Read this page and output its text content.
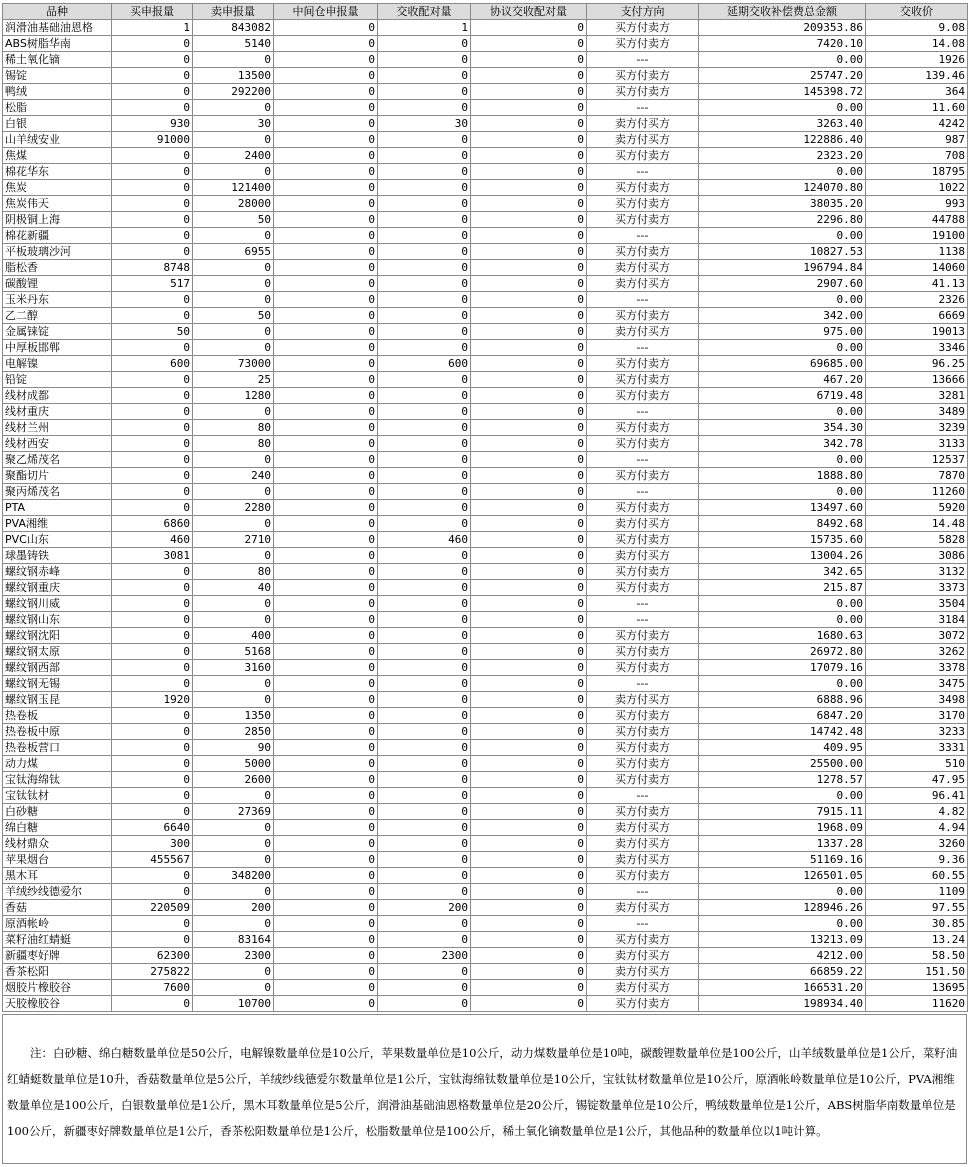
品种	买申报量	卖申报量	中间仓申报量	交收配对量	协议交收配对量	支付方向	延期交收补偿费总金额	交收价
润滑油基础油恩格	1	843082	0	1	0	买方付卖方	209353.86	9.08
ABS树脂华南	0	5140	0	0	0	买方付卖方	7420.10	14.08
稀土氧化镝	0	0	0	0	0	---	0.00	1926
锡锭	0	13500	0	0	0	买方付卖方	25747.20	139.46
鸭绒	0	292200	0	0	0	买方付卖方	145398.72	364
松脂	0	0	0	0	0	---	0.00	11.60
白银	930	30	0	30	0	卖方付买方	3263.40	4242
山羊绒安业	91000	0	0	0	0	卖方付买方	122886.40	987
焦煤	0	2400	0	0	0	买方付卖方	2323.20	708
棉花华东	0	0	0	0	0	---	0.00	18795
焦炭	0	121400	0	0	0	买方付卖方	124070.80	1022
焦炭伟天	0	28000	0	0	0	买方付卖方	38035.20	993
阴极铜上海	0	50	0	0	0	买方付卖方	2296.80	44788
棉花新疆	0	0	0	0	0	---	0.00	19100
平板玻璃沙河	0	6955	0	0	0	买方付卖方	10827.53	1138
脂松香	8748	0	0	0	0	卖方付买方	196794.84	14060
碳酸锂	517	0	0	0	0	卖方付买方	2907.60	41.13
玉米丹东	0	0	0	0	0	---	0.00	2326
乙二醇	0	50	0	0	0	买方付卖方	342.00	6669
金属铼锭	50	0	0	0	0	卖方付买方	975.00	19013
中厚板邯郸	0	0	0	0	0	---	0.00	3346
电解镍	600	73000	0	600	0	买方付卖方	69685.00	96.25
铅锭	0	25	0	0	0	买方付卖方	467.20	13666
线材成都	0	1280	0	0	0	买方付卖方	6719.48	3281
线材重庆	0	0	0	0	0	---	0.00	3489
线材兰州	0	80	0	0	0	买方付卖方	354.30	3239
线材西安	0	80	0	0	0	买方付卖方	342.78	3133
聚乙烯茂名	0	0	0	0	0	---	0.00	12537
聚酯切片	0	240	0	0	0	买方付卖方	1888.80	7870
聚丙烯茂名	0	0	0	0	0	---	0.00	11260
PTA	0	2280	0	0	0	买方付卖方	13497.60	5920
PVA湘维	6860	0	0	0	0	卖方付买方	8492.68	14.48
PVC山东	460	2710	0	460	0	买方付卖方	15735.60	5828
球墨铸铁	3081	0	0	0	0	卖方付买方	13004.26	3086
螺纹钢赤峰	0	80	0	0	0	买方付卖方	342.65	3132
螺纹钢重庆	0	40	0	0	0	买方付卖方	215.87	3373
螺纹钢川威	0	0	0	0	0	---	0.00	3504
螺纹钢山东	0	0	0	0	0	---	0.00	3184
螺纹钢沈阳	0	400	0	0	0	买方付卖方	1680.63	3072
螺纹钢太原	0	5168	0	0	0	买方付卖方	26972.80	3262
螺纹钢西部	0	3160	0	0	0	买方付卖方	17079.16	3378
螺纹钢无锡	0	0	0	0	0	---	0.00	3475
螺纹钢玉昆	1920	0	0	0	0	卖方付买方	6888.96	3498
热卷板	0	1350	0	0	0	买方付卖方	6847.20	3170
热卷板中原	0	2850	0	0	0	买方付卖方	14742.48	3233
热卷板营口	0	90	0	0	0	买方付卖方	409.95	3331
动力煤	0	5000	0	0	0	买方付卖方	25500.00	510
宝钛海绵钛	0	2600	0	0	0	买方付卖方	1278.57	47.95
宝钛钛材	0	0	0	0	0	---	0.00	96.41
白砂糖	0	27369	0	0	0	买方付卖方	7915.11	4.82
绵白糖	6640	0	0	0	0	卖方付买方	1968.09	4.94
线材鼎众	300	0	0	0	0	卖方付买方	1337.28	3260
苹果烟台	455567	0	0	0	0	卖方付买方	51169.16	9.36
黑木耳	0	348200	0	0	0	买方付卖方	126501.05	60.55
羊绒纱线德爱尔	0	0	0	0	0	---	0.00	1109
香菇	220509	200	0	200	0	卖方付买方	128946.26	97.55
原酒帐岭	0	0	0	0	0	---	0.00	30.85
菜籽油红蜻蜓	0	83164	0	0	0	买方付卖方	13213.09	13.24
新疆枣好牌	62300	2300	0	2300	0	卖方付买方	4212.00	58.50
香茶松阳	275822	0	0	0	0	卖方付买方	66859.22	151.50
烟胶片橡胶谷	7600	0	0	0	0	卖方付买方	166531.20	13695
天胶橡胶谷	0	10700	0	0	0	买方付卖方	198934.40	11620
注：白砂糖、绵白糖数量单位是50公斤，电解镍数量单位是10公斤，苹果数量单位是10公斤，动力煤数量单位是10吨，碳酸锂数量单位是100公斤，山羊绒数量单位是1公斤，菜籽油红蜻蜓数量单位是10升，香菇数量单位是5公斤，羊绒纱线德爱尔数量单位是1公斤，宝钛海绵钛数量单位是10公斤，宝钛钛材数量单位是10公斤，原酒帐岭数量单位是10公斤，PVA湘维数量单位是100公斤，白银数量单位是1公斤，黑木耳数量单位是5公斤，润滑油基础油恩格数量单位是20公斤，锡锭数量单位是10公斤，鸭绒数量单位是1公斤，ABS树脂华南数量单位是100公斤，新疆枣好牌数量单位是1公斤，香茶松阳数量单位是1公斤，松脂数量单位是100公斤，稀土氧化镝数量单位是1公斤，其他品种的数量单位以1吨计算。
